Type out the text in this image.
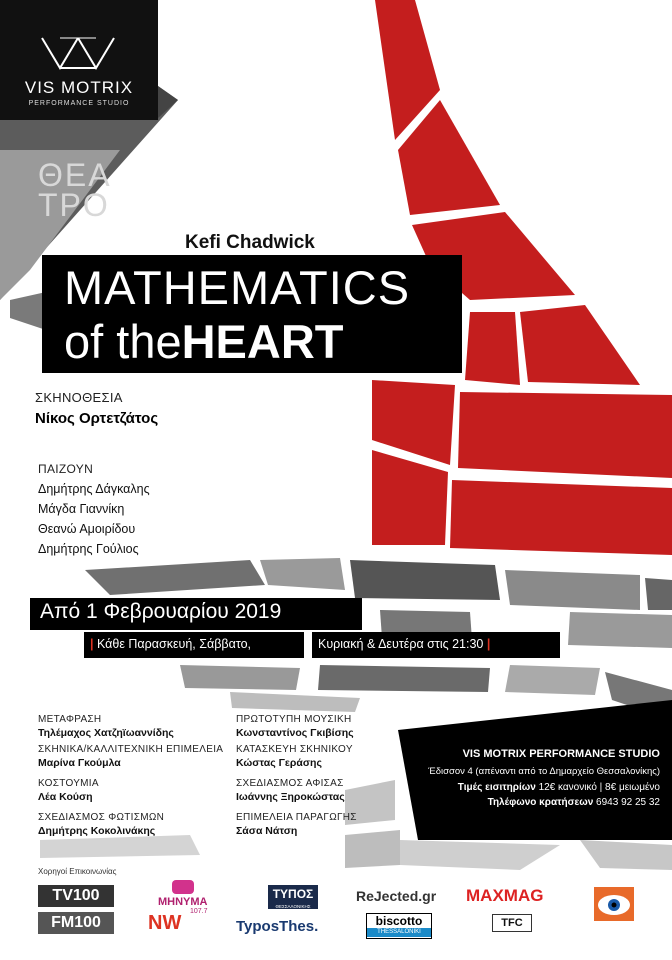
VIS MOTRIX
PERFORMANCE STUDIO
ΘΕΑ
ΤΡΟ
Kefi Chadwick
MATHEMATICS
of theHEART
ΣΚΗΝΟΘΕΣΙΑ
Νίκος Ορτετζάτος
ΠΑΙΖΟΥΝ
Δημήτρης Δάγκαλης
Μάγδα Γιαννίκη
Θεανώ Αμοιρίδου
Δημήτρης Γούλιος
Από 1 Φεβρουαρίου 2019
| Κάθε Παρασκευή, Σάββατο,	Κυριακή & Δευτέρα στις 21:30 |
ΜΕΤΑΦΡΑΣΗ
Τηλέμαχος Χατζηϊωαννίδης
ΣΚΗΝΙΚΑ/ΚΑΛΛΙΤΕΧΝΙΚΗ ΕΠΙΜΕΛΕΙΑ
Μαρίνα Γκούμλα
ΚΟΣΤΟΥΜΙΑ
Λέα Κούση
ΣΧΕΔΙΑΣΜΟΣ ΦΩΤΙΣΜΩΝ
Δημήτρης Κοκολινάκης
ΠΡΩΤΟΤΥΠΗ ΜΟΥΣΙΚΗ
Κωνσταντίνος Γκιβίσης
ΚΑΤΑΣΚΕΥΗ ΣΚΗΝΙΚΟΥ
Κώστας Γεράσης
ΣΧΕΔΙΑΣΜΟΣ ΑΦΙΣΑΣ
Ιωάννης Ξηροκώστας
ΕΠΙΜΕΛΕΙΑ ΠΑΡΑΓΩΓΗΣ
Σάσα Νάτση
VIS MOTRIX PERFORMANCE STUDIO
Έδισσον 4 (απέναντι από το Δημαρχείο Θεσσαλονίκης)
Τιμές εισιτηρίων 12€ κανονικό | 8€ μειωμένο
Τηλέφωνο κρατήσεων 6943 92 25 32
Χορηγοί Επικοινωνίας
TV100
FM100
ΜΗΝΥΜΑ
107.7
NW
ΤΥΠΟΣ
ΘΕΣΣΑΛΟΝΙΚΗΣ
TyposThes.
ReJected.gr
biscotto
THESSALONIKI
MAXMAG
TFC
